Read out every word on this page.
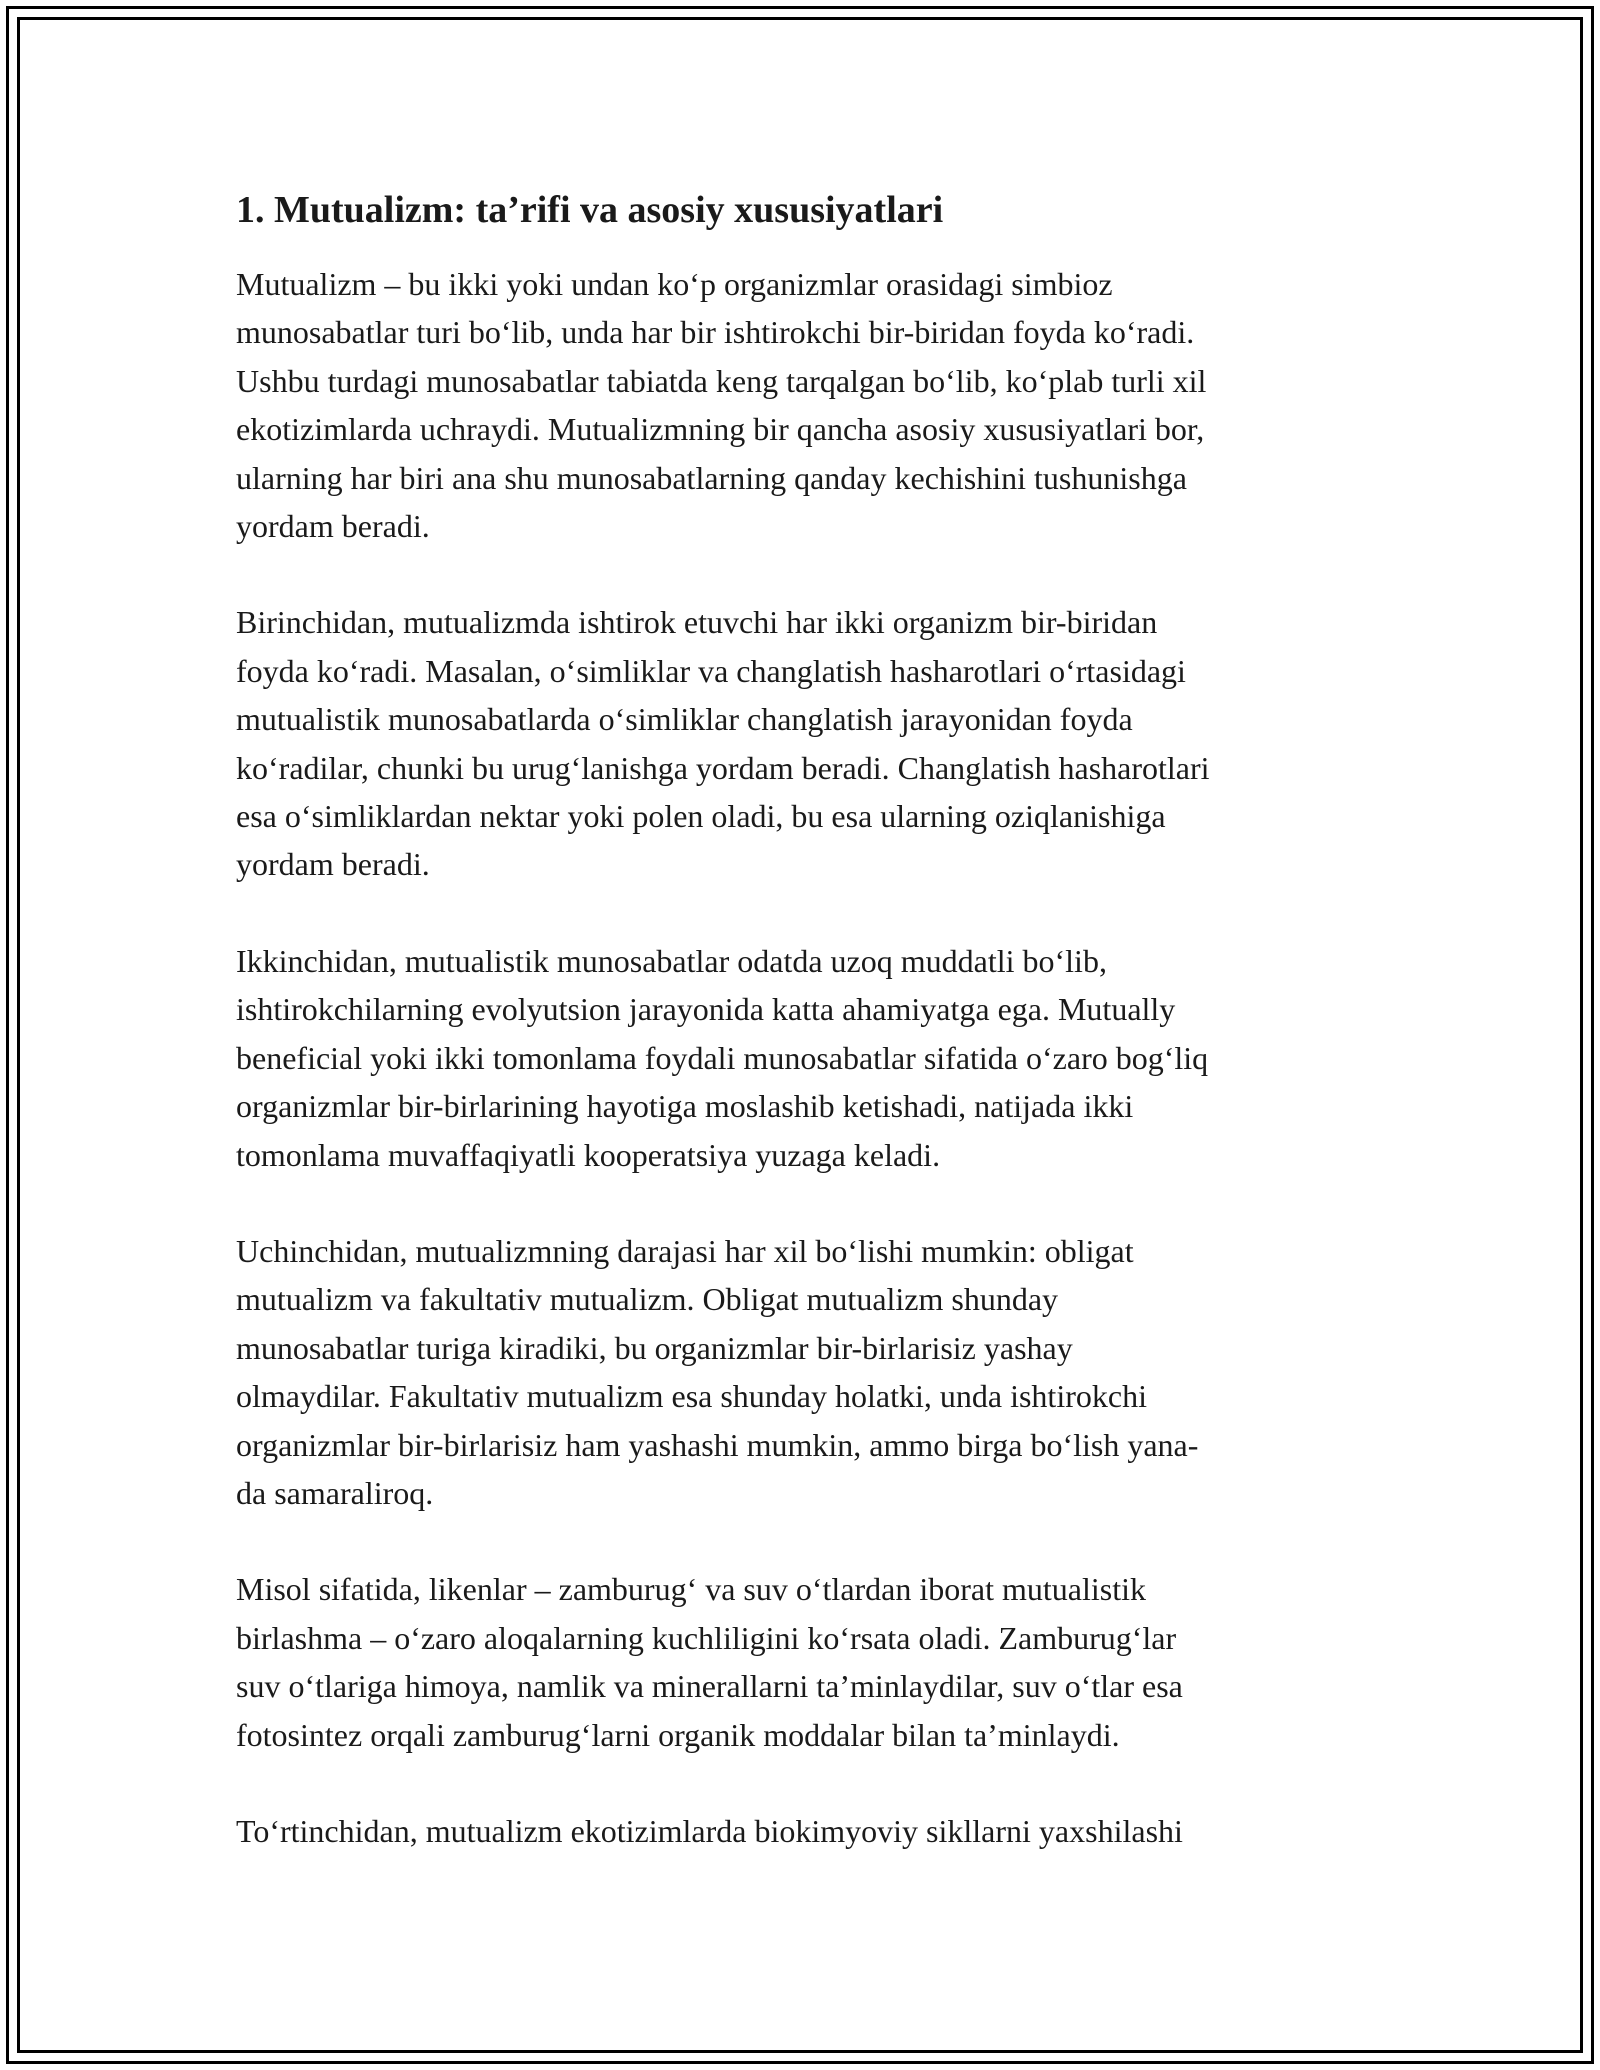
1. Mutualizm: ta’rifi va asosiy xususiyatlari

Mutualizm – bu ikki yoki undan koʻp organizmlar orasidagi simbioz
munosabatlar turi boʻlib, unda har bir ishtirokchi bir-biridan foyda koʻradi.
Ushbu turdagi munosabatlar tabiatda keng tarqalgan boʻlib, koʻplab turli xil
ekotizimlarda uchraydi. Mutualizmning bir qancha asosiy xususiyatlari bor,
ularning har biri ana shu munosabatlarning qanday kechishini tushunishga
yordam beradi.

Birinchidan, mutualizmda ishtirok etuvchi har ikki organizm bir-biridan
foyda koʻradi. Masalan, oʻsimliklar va changlatish hasharotlari oʻrtasidagi
mutualistik munosabatlarda oʻsimliklar changlatish jarayonidan foyda
koʻradilar, chunki bu urugʻlanishga yordam beradi. Changlatish hasharotlari
esa oʻsimliklardan nektar yoki polen oladi, bu esa ularning oziqlanishiga
yordam beradi.

Ikkinchidan, mutualistik munosabatlar odatda uzoq muddatli boʻlib,
ishtirokchilarning evolyutsion jarayonida katta ahamiyatga ega. Mutually
beneficial yoki ikki tomonlama foydali munosabatlar sifatida oʻzaro bogʻliq
organizmlar bir-birlarining hayotiga moslashib ketishadi, natijada ikki
tomonlama muvaffaqiyatli kooperatsiya yuzaga keladi.

Uchinchidan, mutualizmning darajasi har xil boʻlishi mumkin: obligat
mutualizm va fakultativ mutualizm. Obligat mutualizm shunday
munosabatlar turiga kiradiki, bu organizmlar bir-birlarisiz yashay
olmaydilar. Fakultativ mutualizm esa shunday holatki, unda ishtirokchi
organizmlar bir-birlarisiz ham yashashi mumkin, ammo birga boʻlish yana-
da samaraliroq.

Misol sifatida, likenlar – zamburugʻ va suv oʻtlardan iborat mutualistik
birlashma – oʻzaro aloqalarning kuchliligini koʻrsata oladi. Zamburugʻlar
suv oʻtlariga himoya, namlik va minerallarni ta’minlaydilar, suv oʻtlar esa
fotosintez orqali zamburugʻlarni organik moddalar bilan ta’minlaydi.

Toʻrtinchidan, mutualizm ekotizimlarda biokimyoviy sikllarni yaxshilashi
